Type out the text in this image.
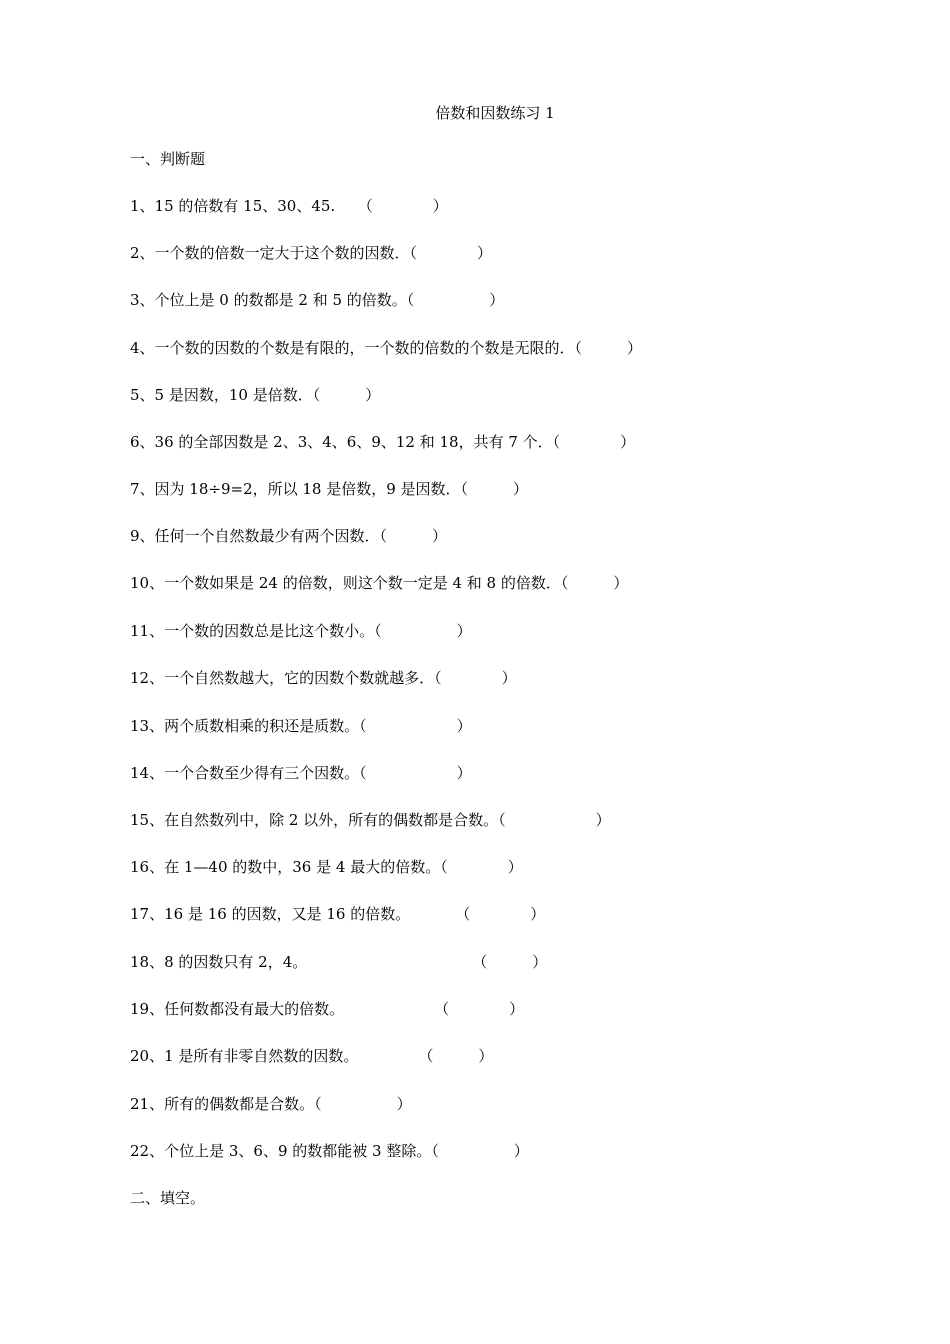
倍数和因数练习 1
一、判断题
1、15 的倍数有 15、30、45.　　（　　　　）
2、一个数的倍数一定大于这个数的因数．（　　　　）
3、个位上是 0 的数都是 2 和 5 的倍数。（　　　　　）
4、一个数的因数的个数是有限的，一个数的倍数的个数是无限的．（　　　）
5、5 是因数，10 是倍数．（　　　）
6、36 的全部因数是 2、3、4、6、9、12 和 18，共有 7 个．（　　　　）
7、因为 18÷9=2，所以 18 是倍数，9 是因数．（　　　）
9、任何一个自然数最少有两个因数．（　　　）
10、一个数如果是 24 的倍数，则这个数一定是 4 和 8 的倍数．（　　　）
11、一个数的因数总是比这个数小。（　　　　　）
12、一个自然数越大，它的因数个数就越多．（　　　　）
13、两个质数相乘的积还是质数。（　　　　　　）
14、一个合数至少得有三个因数。（　　　　　　）
15、在自然数列中，除 2 以外，所有的偶数都是合数。（　　　　　　）
16、在 1—40 的数中，36 是 4 最大的倍数。（　　　　）
17、16 是 16 的因数，又是 16 的倍数。　　　　（　　　　）
18、8 的因数只有 2，4。　　　　　　　　　　　　（　　　）
19、任何数都没有最大的倍数。　　　　　　　（　　　　）
20、1 是所有非零自然数的因数。　　　　　（　　　）
21、所有的偶数都是合数。（　　　　　）
22、个位上是 3、6、9 的数都能被 3 整除。（　　　　　）
二、填空。
